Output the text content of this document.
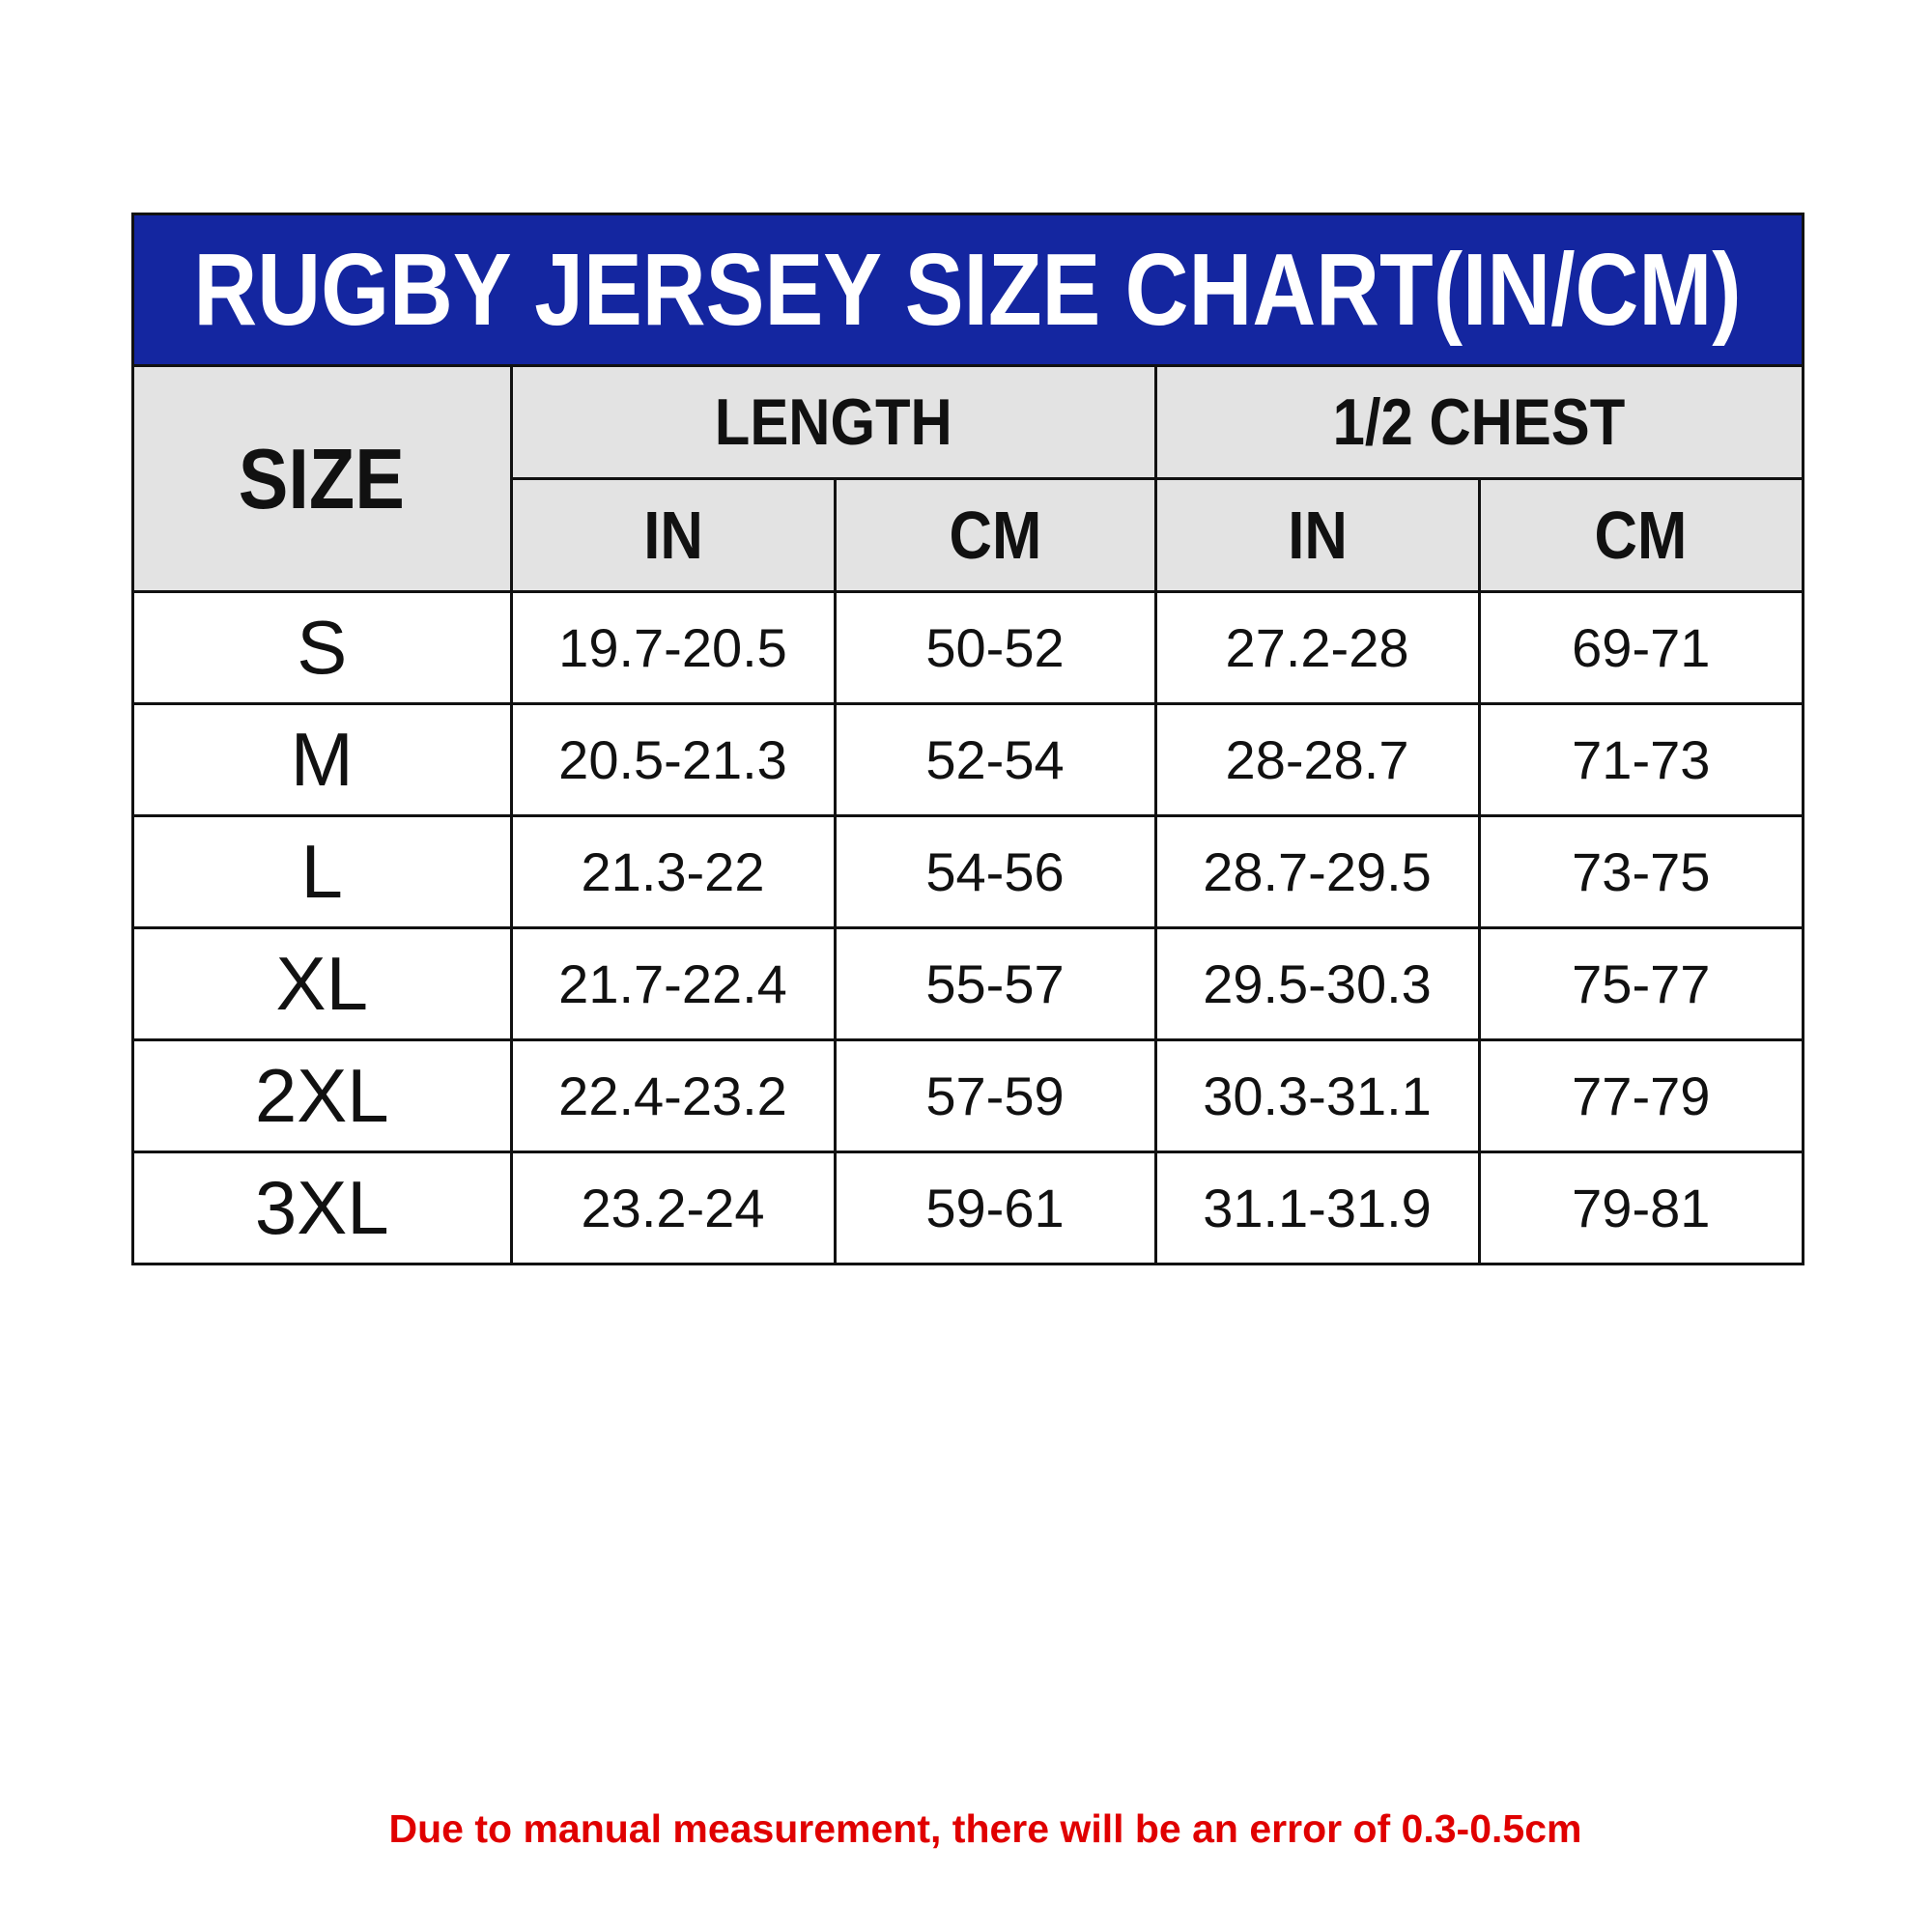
RUGBY JERSEY SIZE CHART(IN/CM)
SIZE	LENGTH		1/2 CHEST	
	IN	CM	IN	CM
S	19.7-20.5	50-52	27.2-28	69-71
M	20.5-21.3	52-54	28-28.7	71-73
L	21.3-22	54-56	28.7-29.5	73-75
XL	21.7-22.4	55-57	29.5-30.3	75-77
2XL	22.4-23.2	57-59	30.3-31.1	77-79
3XL	23.2-24	59-61	31.1-31.9	79-81
Due to manual measurement, there will be an error of 0.3-0.5cm
